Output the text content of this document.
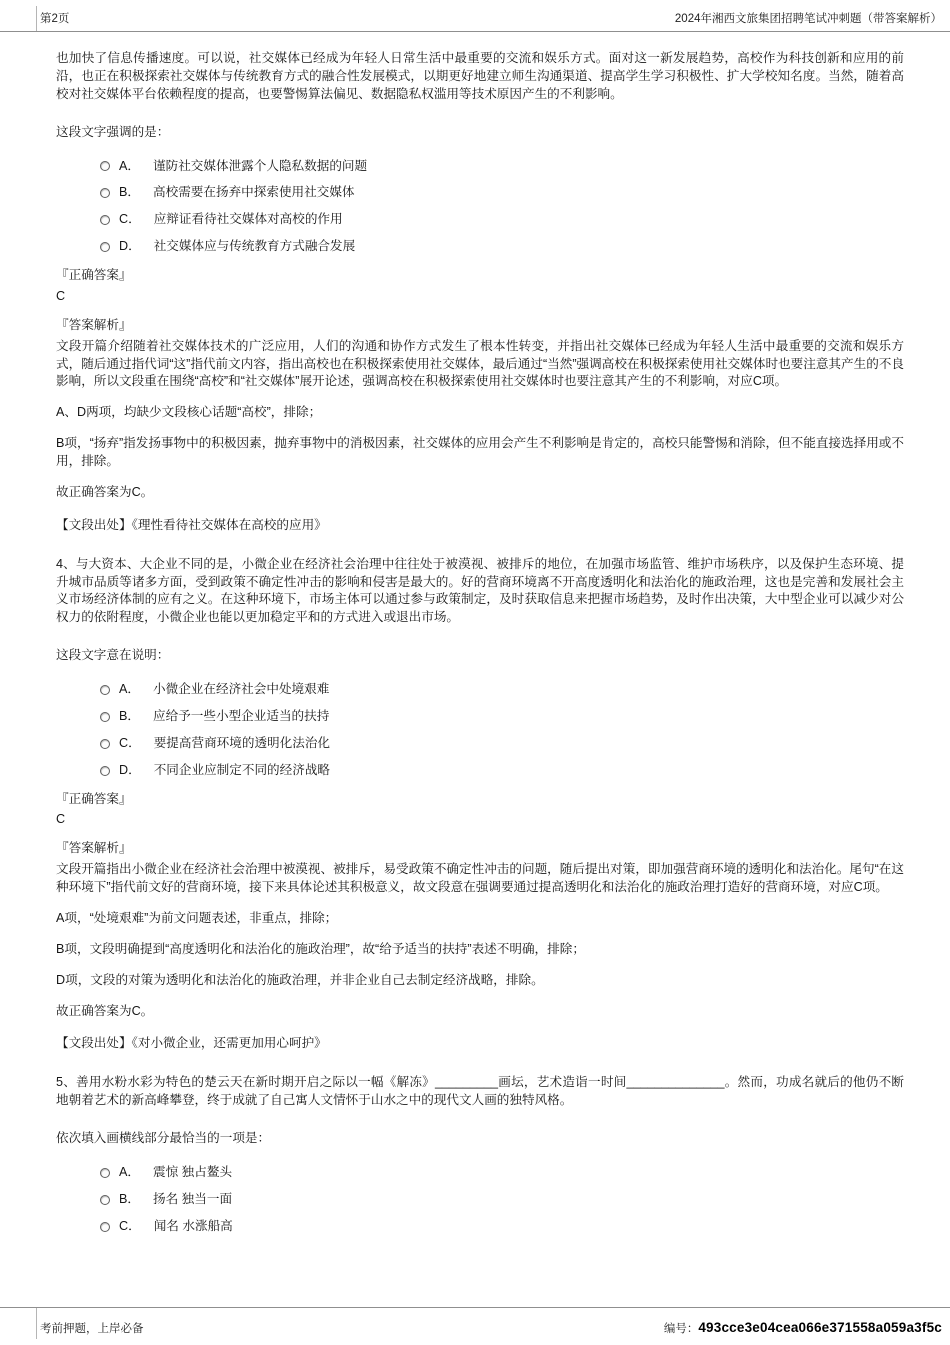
第2页	2024年湘西文旅集团招聘笔试冲刺题（带答案解析）
也加快了信息传播速度。可以说，社交媒体已经成为年轻人日常生活中最重要的交流和娱乐方式。面对这一新发展趋势，高校作为科技创新和应用的前沿，也正在积极探索社交媒体与传统教育方式的融合性发展模式，以期更好地建立师生沟通渠道、提高学生学习积极性、扩大学校知名度。当然，随着高校对社交媒体平台依赖程度的提高，也要警惕算法偏见、数据隐私权滥用等技术原因产生的不利影响。
这段文字强调的是：
A． 谨防社交媒体泄露个人隐私数据的问题
B． 高校需要在扬弃中探索使用社交媒体
C． 应辩证看待社交媒体对高校的作用
D． 社交媒体应与传统教育方式融合发展
『正确答案』
C
『答案解析』
文段开篇介绍随着社交媒体技术的广泛应用，人们的沟通和协作方式发生了根本性转变，并指出社交媒体已经成为年轻人生活中最重要的交流和娱乐方式，随后通过指代词“这”指代前文内容，指出高校也在积极探索使用社交媒体，最后通过“当然”强调高校在积极探索使用社交媒体时也要注意其产生的不良影响，所以文段重在围绕“高校”和“社交媒体”展开论述，强调高校在积极探索使用社交媒体时也要注意其产生的不利影响，对应C项。
A、D两项，均缺少文段核心话题“高校”，排除；
B项，“扬弃”指发扬事物中的积极因素，抛弃事物中的消极因素，社交媒体的应用会产生不利影响是肯定的，高校只能警惕和消除，但不能直接选择用或不用，排除。
故正确答案为C。
【文段出处】《理性看待社交媒体在高校的应用》
4、与大资本、大企业不同的是，小微企业在经济社会治理中往往处于被漠视、被排斥的地位，在加强市场监管、维护市场秩序，以及保护生态环境、提升城市品质等诸多方面，受到政策不确定性冲击的影响和侵害是最大的。好的营商环境离不开高度透明化和法治化的施政治理，这也是完善和发展社会主义市场经济体制的应有之义。在这种环境下，市场主体可以通过参与政策制定，及时获取信息来把握市场趋势，及时作出决策，大中型企业可以减少对公权力的依附程度，小微企业也能以更加稳定平和的方式进入或退出市场。
这段文字意在说明：
A． 小微企业在经济社会中处境艰难
B． 应给予一些小型企业适当的扶持
C． 要提高营商环境的透明化法治化
D． 不同企业应制定不同的经济战略
『正确答案』
C
『答案解析』
文段开篇指出小微企业在经济社会治理中被漠视、被排斥，易受政策不确定性冲击的问题，随后提出对策，即加强营商环境的透明化和法治化。尾句“在这种环境下”指代前文好的营商环境，接下来具体论述其积极意义，故文段意在强调要通过提高透明化和法治化的施政治理打造好的营商环境，对应C项。
A项，“处境艰难”为前文问题表述，非重点，排除；
B项，文段明确提到“高度透明化和法治化的施政治理”，故“给予适当的扶持”表述不明确，排除；
D项，文段的对策为透明化和法治化的施政治理，并非企业自己去制定经济战略，排除。
故正确答案为C。
【文段出处】《对小微企业，还需更加用心呵护》
5、善用水粉水彩为特色的楚云天在新时期开启之际以一幅《解冻》_________画坛，艺术造诣一时间______________。然而，功成名就后的他仍不断地朝着艺术的新高峰攀登，终于成就了自己寓人文情怀于山水之中的现代文人画的独特风格。
依次填入画横线部分最恰当的一项是：
A． 震惊 独占鳌头
B． 扬名 独当一面
C． 闻名 水涨船高
考前押题，上岸必备	编号：493cce3e04cea066e371558a059a3f5c
